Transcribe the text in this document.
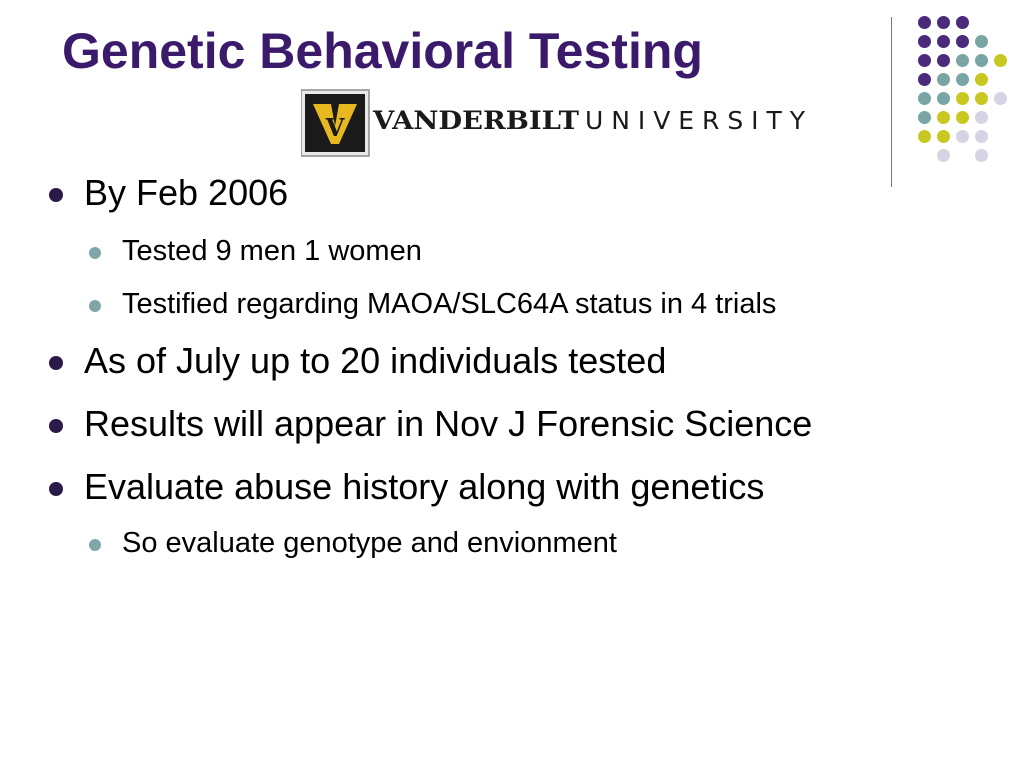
Genetic Behavioral Testing
V VANDERBILT UNIVERSITY
By Feb 2006
Tested 9 men 1 women
Testified regarding MAOA/SLC64A status in 4 trials
As of July up to 20 individuals tested
Results will appear in Nov J Forensic Science
Evaluate abuse history along with genetics
So evaluate genotype and envionment
